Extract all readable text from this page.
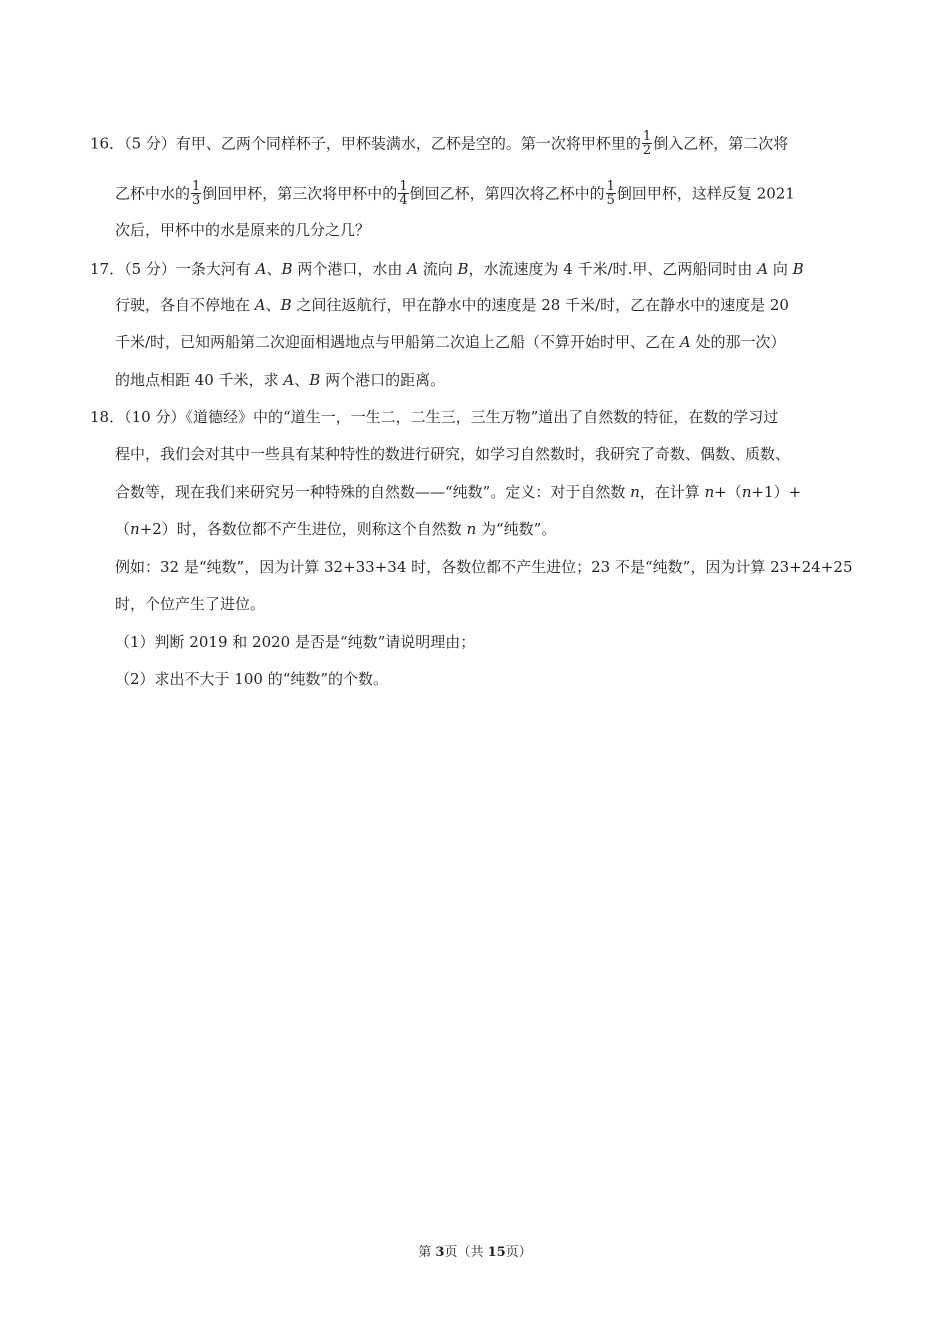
16．（5 分）有甲、乙两个同样杯子，甲杯装满水，乙杯是空的。第一次将甲杯里的 $\frac{1}{2}$ 倒入乙杯，第二次将
乙杯中水的 $\frac{1}{3}$ 倒回甲杯，第三次将甲杯中的 $\frac{1}{4}$ 倒回乙杯，第四次将乙杯中的 $\frac{1}{5}$ 倒回甲杯，这样反复 2021
次后，甲杯中的水是原来的几分之几？
17．（5 分）一条大河有 A、B 两个港口，水由 A 流向 B，水流速度为 4 千米/时.甲、乙两船同时由 A 向 B
行驶，各自不停地在 A、B 之间往返航行，甲在静水中的速度是 28 千米/时，乙在静水中的速度是 20
千米/时，已知两船第二次迎面相遇地点与甲船第二次追上乙船（不算开始时甲、乙在 A 处的那一次）
的地点相距 40 千米，求 A、B 两个港口的距离。
18．（10 分）《道德经》中的“道生一，一生二，二生三，三生万物”道出了自然数的特征，在数的学习过
程中，我们会对其中一些具有某种特性的数进行研究，如学习自然数时，我研究了奇数、偶数、质数、
合数等，现在我们来研究另一种特殊的自然数——“纯数”。定义：对于自然数 n，在计算 n+（n+1）+
（n+2）时，各数位都不产生进位，则称这个自然数 n 为“纯数”。
例如：32 是“纯数”，因为计算 32+33+34 时，各数位都不产生进位；23 不是“纯数”，因为计算 23+24+25
时，个位产生了进位。
（1）判断 2019 和 2020 是否是“纯数”请说明理由；
（2）求出不大于 100 的“纯数”的个数。
第 3页（共 15页）
